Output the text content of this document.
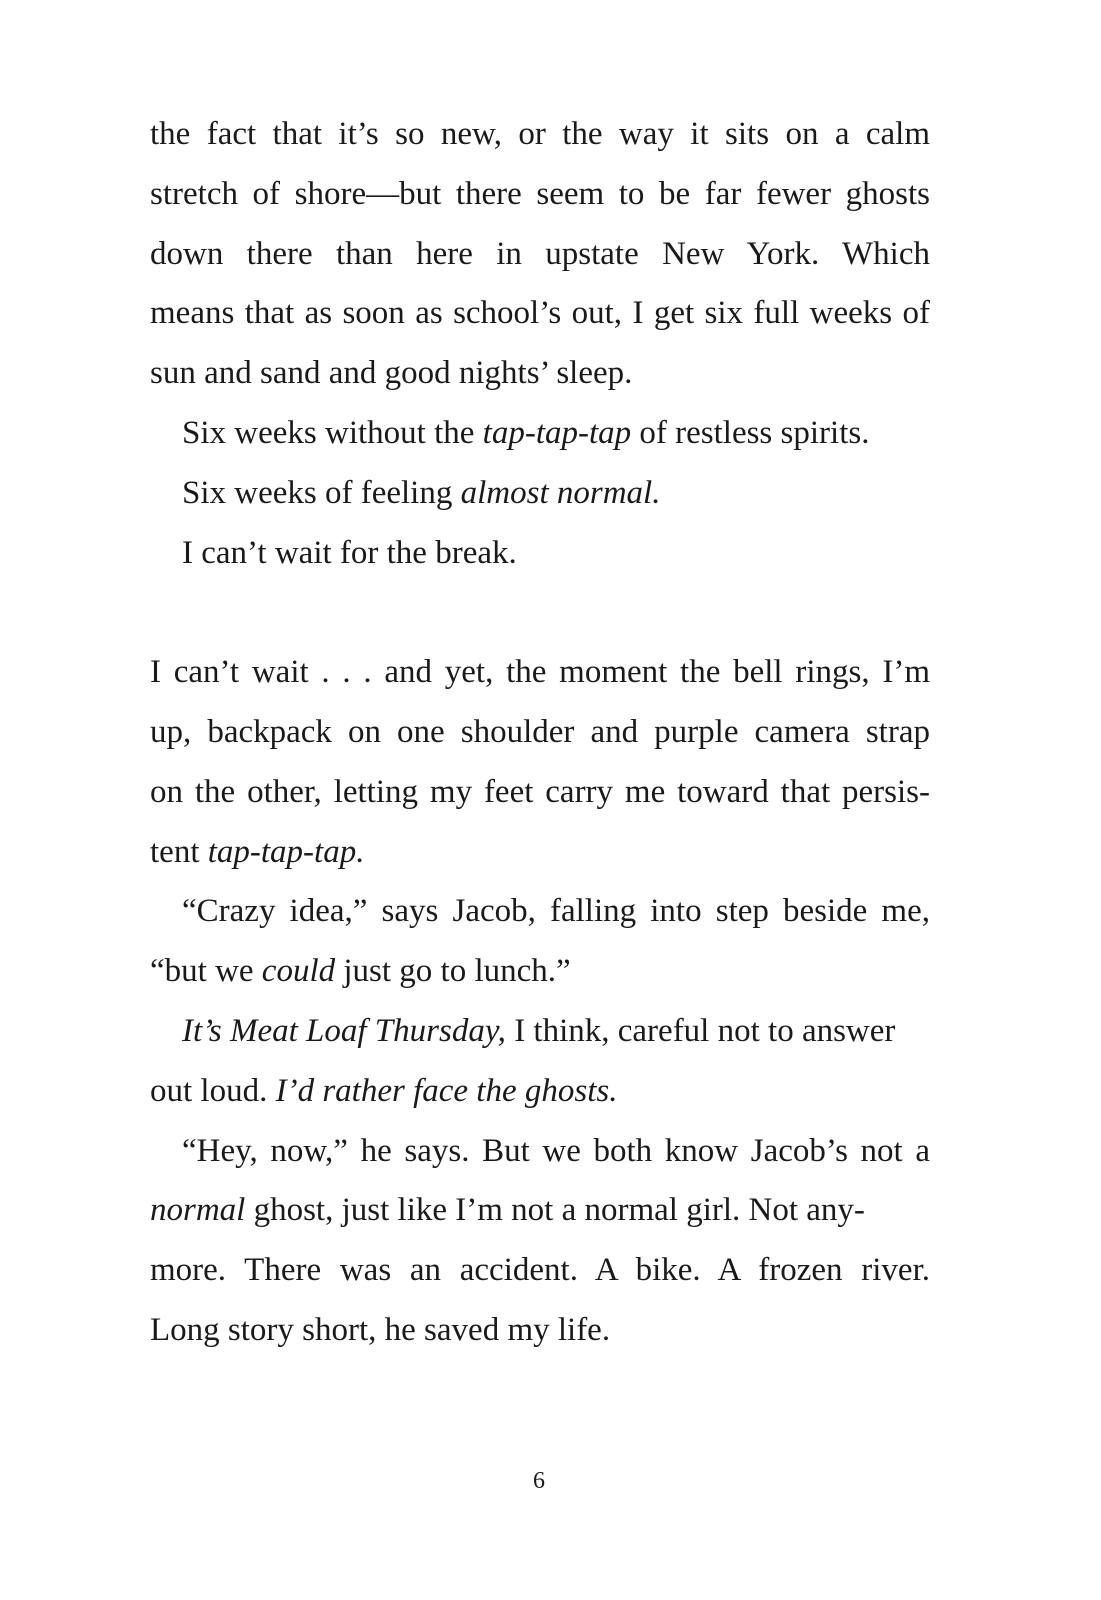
the fact that it’s so new, or the way it sits on a calm
stretch of shore—but there seem to be far fewer ghosts
down there than here in upstate New York. Which
means that as soon as school’s out, I get six full weeks of
sun and sand and good nights’ sleep.
Six weeks without the tap-tap-tap of restless spirits.
Six weeks of feeling almost normal.
I can’t wait for the break.
I can’t wait . . . and yet, the moment the bell rings, I’m
up, backpack on one shoulder and purple camera strap
on the other, letting my feet carry me toward that persis-
tent tap-tap-tap.
“Crazy idea,” says Jacob, falling into step beside me,
“but we could just go to lunch.”
It’s Meat Loaf Thursday, I think, careful not to answer
out loud. I’d rather face the ghosts.
“Hey, now,” he says. But we both know Jacob’s not a
normal ghost, just like I’m not a normal girl. Not any-
more. There was an accident. A bike. A frozen river.
Long story short, he saved my life.
6
